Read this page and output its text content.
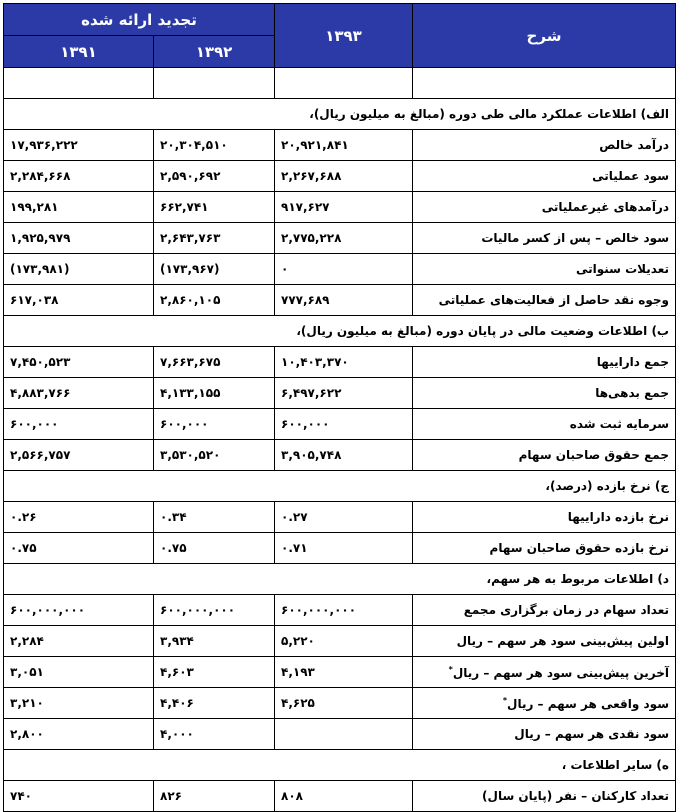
شرح	۱۳۹۳	تجدید ارائه شده	
		۱۳۹۲	۱۳۹۱

الف) اطلاعات عملکرد مالی طی دوره (مبالغ به میلیون ریال)،			
درآمد خالص	۲۰,۹۲۱,۸۴۱	۲۰,۳۰۴,۵۱۰	۱۷,۹۳۶,۲۲۲
سود عملیاتی	۲,۲۶۷,۶۸۸	۲,۵۹۰,۶۹۲	۲,۲۸۴,۶۶۸
درآمدهای غیرعملیاتی	۹۱۷,۶۲۷	۶۶۲,۷۴۱	۱۹۹,۲۸۱
سود خالص – پس از کسر مالیات	۲,۷۷۵,۲۲۸	۲,۶۴۳,۷۶۳	۱,۹۲۵,۹۷۹
تعدیلات سنواتی	۰	(۱۷۳,۹۶۷)	(۱۷۳,۹۸۱)
وجوه نقد حاصل از فعالیت‌های عملیاتی	۷۷۷,۶۸۹	۲,۸۶۰,۱۰۵	۶۱۷,۰۳۸
ب) اطلاعات وضعیت مالی در پایان دوره (مبالغ به میلیون ریال)،			
جمع داراییها	۱۰,۴۰۳,۳۷۰	۷,۶۶۳,۶۷۵	۷,۴۵۰,۵۲۳
جمع بدهی‌ها	۶,۴۹۷,۶۲۲	۴,۱۳۳,۱۵۵	۴,۸۸۳,۷۶۶
سرمایه ثبت شده	۶۰۰,۰۰۰	۶۰۰,۰۰۰	۶۰۰,۰۰۰
جمع حقوق صاحبان سهام	۳,۹۰۵,۷۴۸	۳,۵۳۰,۵۲۰	۲,۵۶۶,۷۵۷
ج) نرخ بازده (درصد)،			
نرخ بازده داراییها	۰.۲۷	۰.۳۴	۰.۲۶
نرخ بازده حقوق صاحبان سهام	۰.۷۱	۰.۷۵	۰.۷۵
د) اطلاعات مربوط به هر سهم،			
تعداد سهام در زمان برگزاری مجمع	۶۰۰,۰۰۰,۰۰۰	۶۰۰,۰۰۰,۰۰۰	۶۰۰,۰۰۰,۰۰۰
اولین پیش‌بینی سود هر سهم – ریال	۵,۲۲۰	۳,۹۳۴	۲,۲۸۴
آخرین پیش‌بینی سود هر سهم – ریال*	۴,۱۹۳	۴,۶۰۳	۳,۰۵۱
سود واقعی هر سهم – ریال*	۴,۶۲۵	۴,۴۰۶	۳,۲۱۰
سود نقدی هر سهم – ریال		۴,۰۰۰	۲,۸۰۰
ه) سایر اطلاعات ،			
تعداد کارکنان – نفر (پایان سال)	۸۰۸	۸۲۶	۷۴۰
